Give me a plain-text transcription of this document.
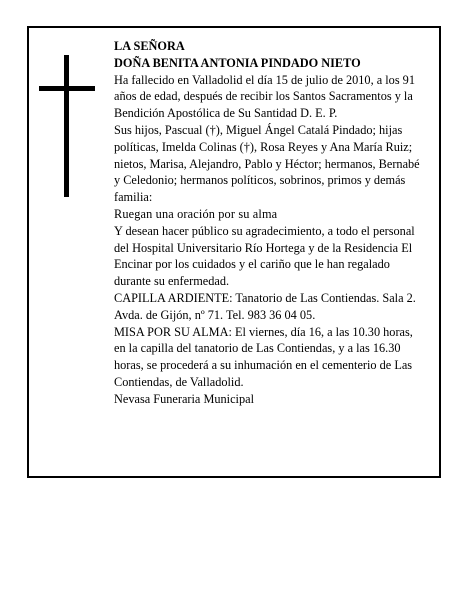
LA SEÑORA

DOÑA BENITA ANTONIA PINDADO NIETO

Ha fallecido en Valladolid el día 15 de julio de 2010, a los 91 años de edad, después de recibir los Santos Sacramentos y la Bendición Apostólica de Su Santidad D. E. P.

Sus hijos, Pascual (†), Miguel Ángel Catalá Pindado; hijas políticas, Imelda Colinas (†), Rosa Reyes y Ana María Ruiz; nietos, Marisa, Alejandro, Pablo y Héctor; hermanos, Bernabé y Celedonio; hermanos políticos, sobrinos, primos y demás familia:

Ruegan una oración por su alma

Y desean hacer público su agradecimiento, a todo el personal del Hospital Universitario Río Hortega y de la Residencia El Encinar por los cuidados y el cariño que le han regalado durante su enfermedad.

CAPILLA ARDIENTE: Tanatorio de Las Contiendas. Sala 2. Avda. de Gijón, nº 71. Tel. 983 36 04 05.

MISA POR SU ALMA: El viernes, día 16, a las 10.30 horas, en la capilla del tanatorio de Las Contiendas, y a las 16.30 horas, se procederá a su inhumación en el cementerio de Las Contiendas, de Valladolid.

Nevasa Funeraria Municipal
